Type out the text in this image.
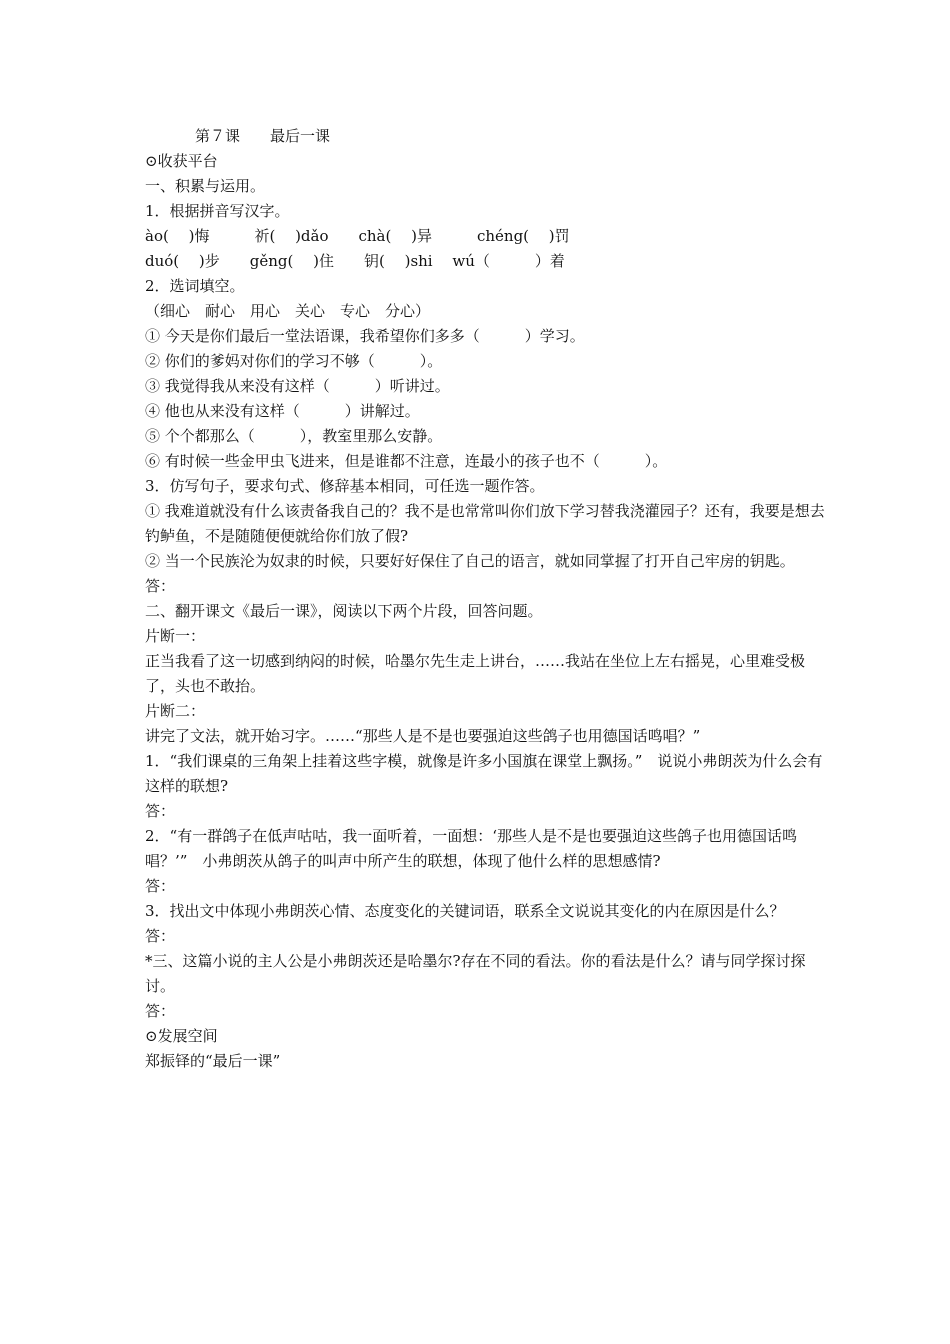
第７课　　最后一课
⊙收获平台
一、积累与运用。
1．根据拼音写汉字。
ào(　 )悔　　　祈(　 )dǎo　　chà(　 )异　　　chéng(　 )罚
duó(　 )步　　gěng(　 )住　　钥(　 )shi　 wú（　　　）着
2．选词填空。
（细心　耐心　用心　关心　专心　分心）
① 今天是你们最后一堂法语课，我希望你们多多（　　　）学习。
② 你们的爹妈对你们的学习不够（　　　）。
③ 我觉得我从来没有这样（　　　）听讲过。
④ 他也从来没有这样（　　　）讲解过。
⑤ 个个都那么（　　　），教室里那么安静。
⑥ 有时候一些金甲虫飞进来，但是谁都不注意，连最小的孩子也不（　　　）。
3．仿写句子，要求句式、修辞基本相同，可任选一题作答。
① 我难道就没有什么该责备我自己的？我不是也常常叫你们放下学习替我浇灌园子？还有，我要是想去钓鲈鱼，不是随随便便就给你们放了假?
② 当一个民族沦为奴隶的时候，只要好好保住了自己的语言，就如同掌握了打开自己牢房的钥匙。
答：
二、翻开课文《最后一课》，阅读以下两个片段，回答问题。
片断一：
正当我看了这一切感到纳闷的时候，哈墨尔先生走上讲台，……我站在坐位上左右摇晃，心里难受极了，头也不敢抬。
片断二：
讲完了文法，就开始习字。……“那些人是不是也要强迫这些鸽子也用德国话鸣唱？”
1．“我们课桌的三角架上挂着这些字模，就像是许多小国旗在课堂上飘扬。”　说说小弗朗茨为什么会有这样的联想?
答：
2．“有一群鸽子在低声咕咕，我一面听着，一面想：‘那些人是不是也要强迫这些鸽子也用德国话鸣唱？’”　小弗朗茨从鸽子的叫声中所产生的联想，体现了他什么样的思想感情?
答：
3．找出文中体现小弗朗茨心情、态度变化的关键词语，联系全文说说其变化的内在原因是什么？
答：
*三、这篇小说的主人公是小弗朗茨还是哈墨尔?存在不同的看法。你的看法是什么？请与同学探讨探讨。
答：
⊙发展空间
郑振铎的“最后一课”
